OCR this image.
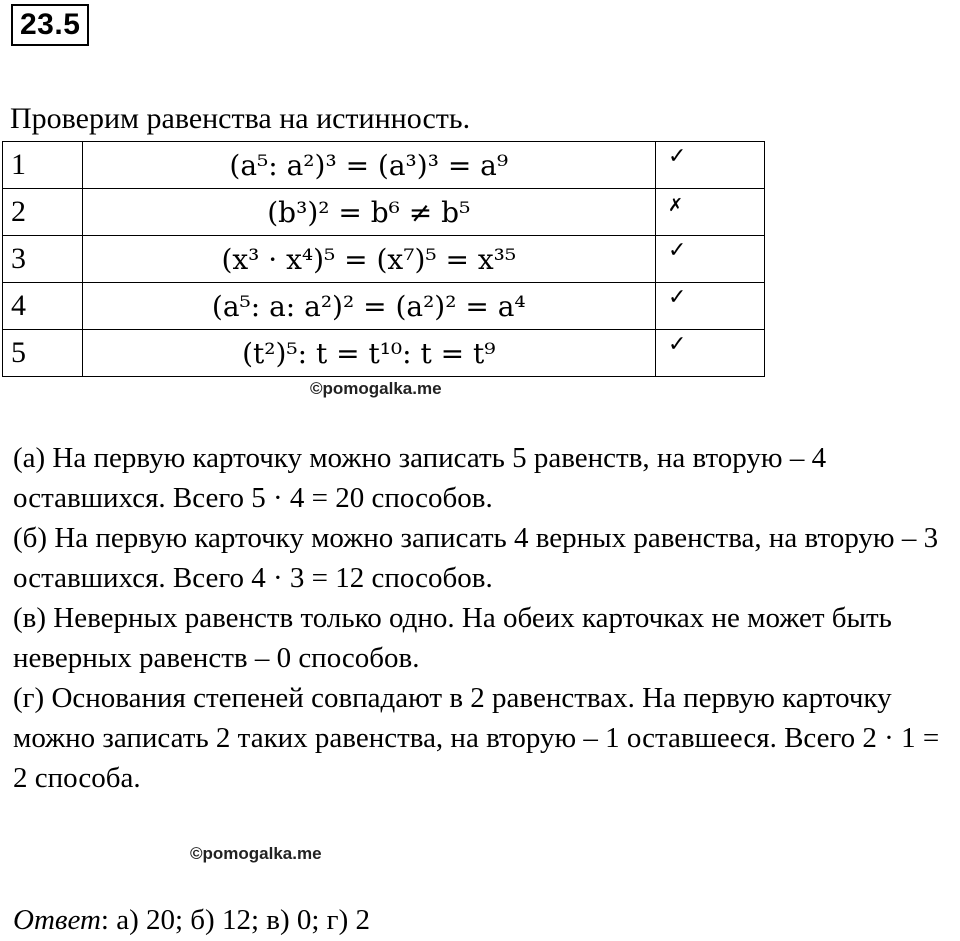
23.5
Проверим равенства на истинность.
1	(a⁵: a²)³ = (a³)³ = a⁹	✓
2	(b³)² = b⁶ ≠ b⁵	✗
3	(x³ · x⁴)⁵ = (x⁷)⁵ = x³⁵	✓
4	(a⁵: a: a²)² = (a²)² = a⁴	✓
5	(t²)⁵: t = t¹⁰: t = t⁹	✓
©pomogalka.me

(а) На первую карточку можно записать 5 равенств, на вторую – 4 оставшихся. Всего 5 · 4 = 20 способов.

(б) На первую карточку можно записать 4 верных равенства, на вторую – 3 оставшихся. Всего 4 · 3 = 12 способов.

(в) Неверных равенств только одно. На обеих карточках не может быть неверных равенств – 0 способов.

(г) Основания степеней совпадают в 2 равенствах. На первую карточку можно записать 2 таких равенства, на вторую – 1 оставшееся. Всего 2 · 1 = 2 способа.

©pomogalka.me
Ответ: а) 20; б) 12; в) 0; г) 2
